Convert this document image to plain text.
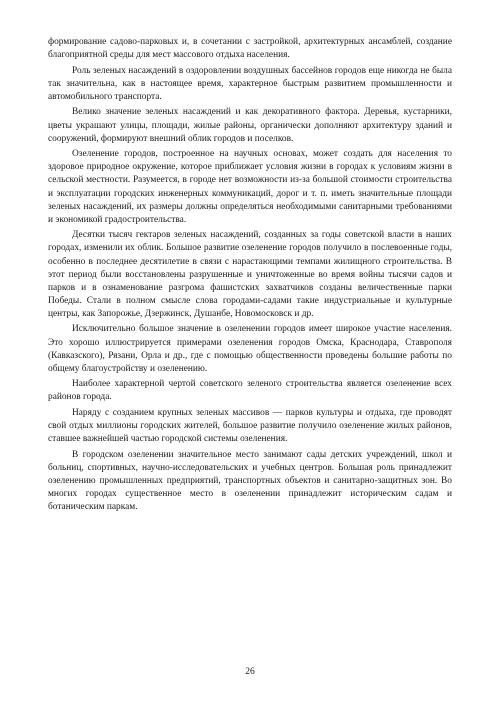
формирование садово-парковых и, в сочетании с застройкой, архитектурных ансамблей, создание благоприятной среды для мест массового отдыха населения.

Роль зеленых насаждений в оздоровлении воздушных бассейнов городов еще никогда не была так значительна, как в настоящее время, характерное быстрым развитием промышленности и автомобильного транспорта.

Велико значение зеленых насаждений и как декоративного фактора. Деревья, кустарники, цветы украшают улицы, площади, жилые районы, органически дополняют архитектуру зданий и сооружений, формируют внешний облик городов и поселков.

Озеленение городов, построенное на научных основах, может создать для населения то здоровое природное окружение, которое приближает условия жизни в городах к условиям жизни в сельской местности. Разумеется, в городе нет возможности из-за большой стоимости строительства и эксплуатации городских инженерных коммуникаций, дорог и т. п. иметь значительные площади зеленых насаждений, их размеры должны определяться необходимыми санитарными требованиями и экономикой градостроительства.

Десятки тысяч гектаров зеленых насаждений, созданных за годы советской власти в наших городах, изменили их облик. Большое развитие озеленение городов получило в послевоенные годы, особенно в последнее десятилетие в связи с нарастающими темпами жилищного строительства. В этот период были восстановлены разрушенные и уничтоженные во время войны тысячи садов и парков и в ознаменование разгрома фашистских захватчиков созданы величественные парки Победы. Стали в полном смысле слова городами-садами такие индустриальные и культурные центры, как Запорожье, Дзержинск, Душанбе, Новомосковск и др.

Исключительно большое значение в озеленении городов имеет широкое участие населения. Это хорошо иллюстрируется примерами озеленения городов Омска, Краснодара, Ставрополя (Кавказского), Рязани, Орла и др., где с помощью общественности проведены большие работы по общему благоустройству и озеленению.

Наиболее характерной чертой советского зеленого строительства является озеленение всех районов города.

Наряду с созданием крупных зеленых массивов — парков культуры и отдыха, где проводят свой отдых миллионы городских жителей, большое развитие получило озеленение жилых районов, ставшее важнейшей частью городской системы озеленения.

В городском озеленении значительное место занимают сады детских учреждений, школ и больниц, спортивных, научно-исследовательских и учебных центров. Большая роль принадлежит озеленению промышленных предприятий, транспортных объектов и санитарно-защитных зон. Во многих городах существенное место в озеленении принадлежит историческим садам и ботаническим паркам.

26
